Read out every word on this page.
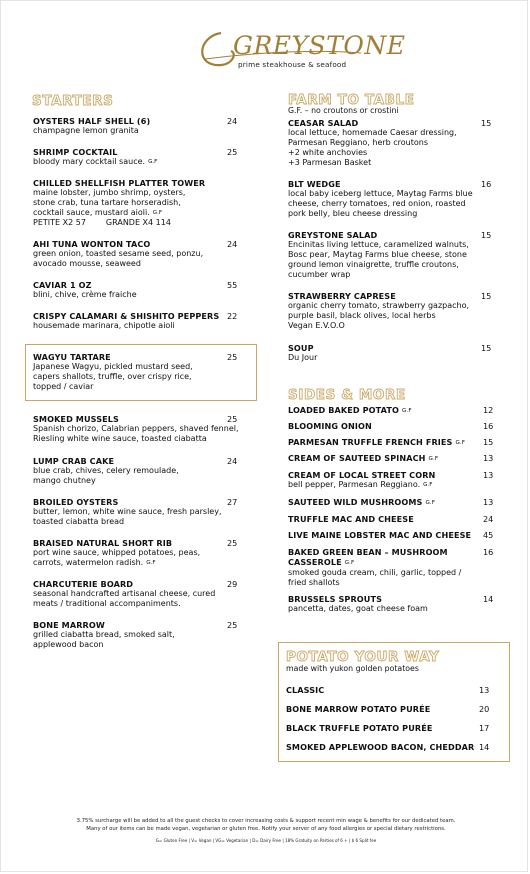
GREYSTONE
prime steakhouse & seafood
STARTERS
OYSTERS HALF SHELL (6)
champagne lemon granita
24
SHRIMP COCKTAIL
bloody mary cocktail sauce. G.F
25
CHILLED SHELLFISH PLATTER TOWER
maine lobster, jumbo shrimp, oysters,
stone crab, tuna tartare horseradish,
cocktail sauce, mustard aioli. G.F
PETITE X2 57	GRANDE X4 114
AHI TUNA WONTON TACO
green onion, toasted sesame seed, ponzu,
avocado mousse, seaweed
24
CAVIAR 1 OZ
blini, chive, crème fraiche
55
CRISPY CALAMARI & SHISHITO PEPPERS
housemade marinara, chipotle aioli
22
WAGYU TARTARE
Japanese Wagyu, pickled mustard seed,
capers shallots, truffle, over crispy rice,
topped / caviar
25
SMOKED MUSSELS
Spanish chorizo, Calabrian peppers, shaved fennel,
Riesling white wine sauce, toasted ciabatta
25
LUMP CRAB CAKE
blue crab, chives, celery remoulade,
mango chutney
24
BROILED OYSTERS
butter, lemon, white wine sauce, fresh parsley,
toasted ciabatta bread
27
BRAISED NATURAL SHORT RIB
port wine sauce, whipped potatoes, peas,
carrots, watermelon radish. G.F
25
CHARCUTERIE BOARD
seasonal handcrafted artisanal cheese, cured
meats / traditional accompaniments.
29
BONE MARROW
grilled ciabatta bread, smoked salt,
applewood bacon
25
FARM TO TABLE
G.F. – no croutons or crostini
CEASAR SALAD
local lettuce, homemade Caesar dressing,
Parmesan Reggiano, herb croutons
+2 white anchovies
+3 Parmesan Basket
15
BLT WEDGE
local baby iceberg lettuce, Maytag Farms blue
cheese, cherry tomatoes, red onion, roasted
pork belly, bleu cheese dressing
16
GREYSTONE SALAD
Encinitas living lettuce, caramelized walnuts,
Bosc pear, Maytag Farms blue cheese, stone
ground lemon vinaigrette, truffle croutons,
cucumber wrap
15
STRAWBERRY CAPRESE
organic cherry tomato, strawberry gazpacho,
purple basil, black olives, local herbs
Vegan E.V.O.O
15
SOUP
Du Jour
15
SIDES & MORE
LOADED BAKED POTATO G.F	12
BLOOMING ONION	16
PARMESAN TRUFFLE FRENCH FRIES G.F 15
CREAM OF SAUTEED SPINACH G.F	13
CREAM OF LOCAL STREET CORN
bell pepper, Parmesan Reggiano. G.F
13
SAUTEED WILD MUSHROOMS G.F	13
TRUFFLE MAC AND CHEESE	24
LIVE MAINE LOBSTER MAC AND CHEESE 45
BAKED GREEN BEAN – MUSHROOM
CASSEROLE G.F
smoked gouda cream, chili, garlic, topped /
fried shallots
16
BRUSSELS SPROUTS
pancetta, dates, goat cheese foam
14
POTATO YOUR WAY
made with yukon golden potatoes
CLASSIC	13
BONE MARROW POTATO PURÉE	20
BLACK TRUFFLE POTATO PURÉE	17
SMOKED APPLEWOOD BACON, CHEDDAR 14
3.75% surcharge will be added to all the guest checks to cover increasing costs & support recent min wage & benefits for our dedicated team.
Many of our items can be made vegan, vegetarian or gluten free. Notify your server of any food allergies or special dietary restrictions.
G= Gluten Free | V= Vegan | VG= Vegetarian | D= Dairy Free | 18% Gratuity on Parties of 6 + | $ 6 Split fee
